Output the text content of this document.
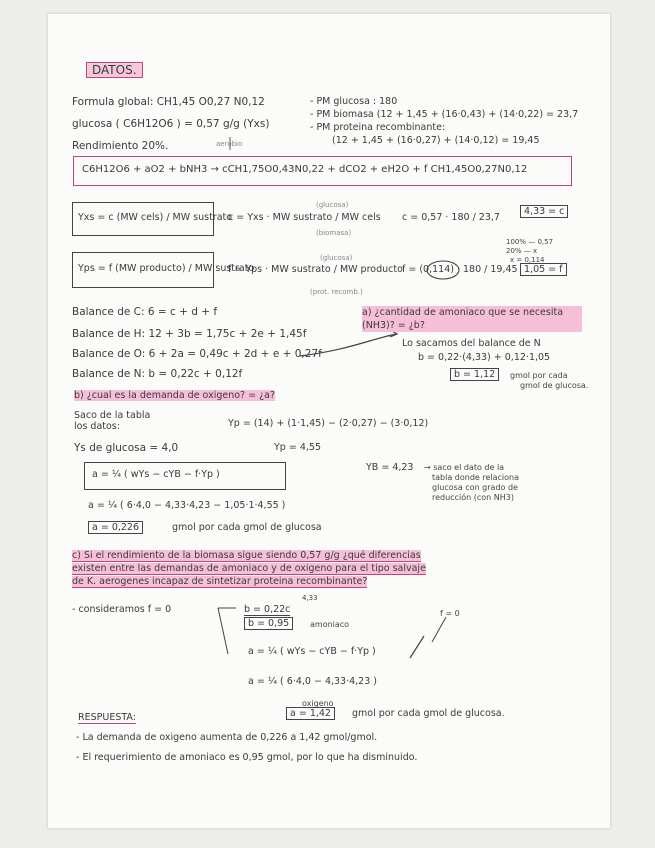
DATOS.
Formula global: CH1,45 O0,27 N0,12
glucosa ( C6H12O6 ) = 0,57 g/g (Yxs)
Rendimiento 20%.	aerobio
- PM glucosa : 180
- PM biomasa (12 + 1,45 + (16·0,43) + (14·0,22) = 23,7
- PM proteina recombinante:
(12 + 1,45 + (16·0,27) + (14·0,12) = 19,45
C6H12O6 + aO2 + bNH3 → cCH1,75O0,43N0,22 + dCO2 + eH2O + f CH1,45O0,27N0,12
Yxs = c (MW cels) / MW sustrato
(glucosa)
c = Yxs · MW sustrato / MW cels
(biomasa)
c = 0,57 · 180 / 23,7
4,33 = c
100% — 0,57
20% — x
x = 0,114
Yps = f (MW producto) / MW sustrato
(glucosa)
f = Yps · MW sustrato / MW producto
(prot. recomb.)
f = (0,114) · 180 / 19,45 1,05 = f
Balance de C: 6 = c + d + f
Balance de H: 12 + 3b = 1,75c + 2e + 1,45f
Balance de O: 6 + 2a = 0,49c + 2d + e + 0,27f
Balance de N: b = 0,22c + 0,12f
a) ¿cantidad de amoniaco que se necesita (NH3)? = ¿b?
Lo sacamos del balance de N
b = 0,22·(4,33) + 0,12·1,05
b = 1,12	gmol por cada
gmol de glucosa.
b) ¿cual es la demanda de oxigeno? = ¿a?
Saco de la tabla
los datos:
Ys de glucosa = 4,0
Yp = (14) + (1·1,45) − (2·0,27) − (3·0,12)
Yp = 4,55
YB = 4,23 → saco el dato de la
tabla donde relaciona
glucosa con grado de
reducción (con NH3)
a = ¼ ( wYs − cYB − f·Yp )
a = ¼ ( 6·4,0 − 4,33·4,23 − 1,05·1·4,55 )
a = 0,226	gmol por cada gmol de glucosa
c) Si el rendimiento de la biomasa sigue siendo 0,57 g/g ¿qué diferencias
existen entre las demandas de amoniaco y de oxigeno para el tipo salvaje
de K. aerogenes incapaz de sintetizar proteina recombinante?
- consideramos f = 0
4,33
b = 0,22c
b = 0,95	amoniaco
f = 0
a = ¼ ( wYs − cYB − f·Yp )
a = ¼ ( 6·4,0 − 4,33·4,23 )
oxigeno
a = 1,42	gmol por cada gmol de glucosa.
RESPUESTA:
- La demanda de oxigeno aumenta de 0,226 a 1,42 gmol/gmol.
- El requerimiento de amoniaco es 0,95 gmol, por lo que ha disminuido.
